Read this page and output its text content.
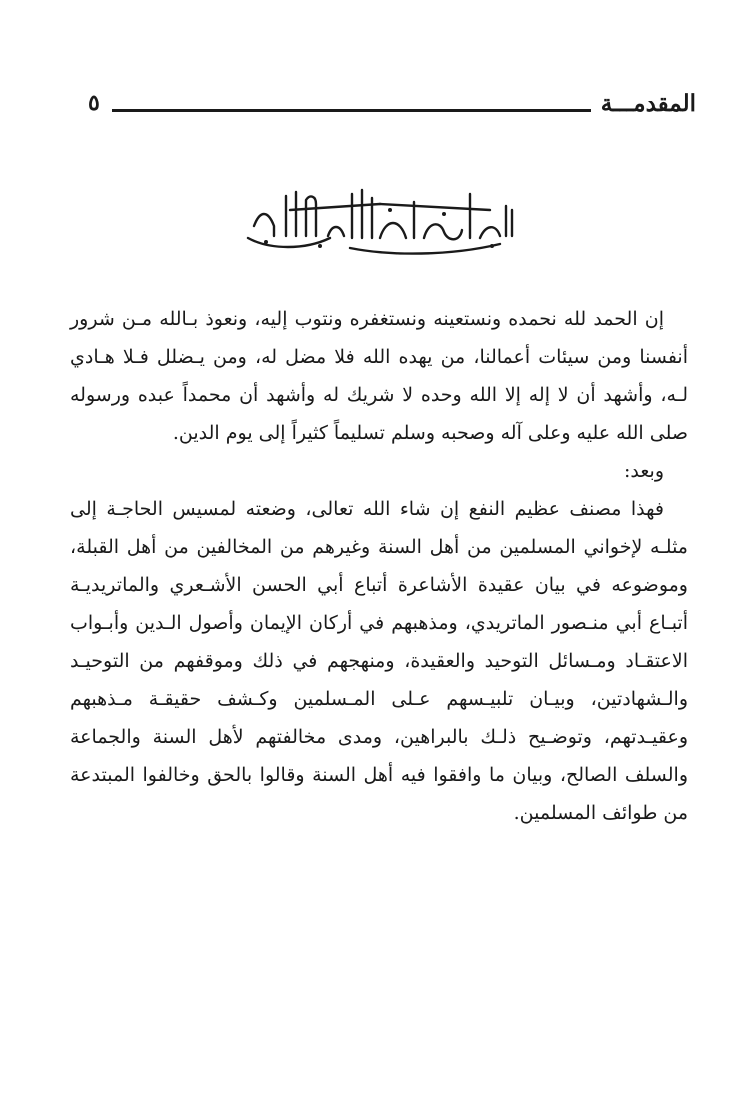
المقدمـــة
٥

إن الحمد لله نحمده ونستعينه ونستغفره ونتوب إليه، ونعوذ بـالله مـن شرور أنفسنا ومن سيئات أعمالنا، من يهده الله فلا مضل له، ومن يـضلل فـلا هـادي لـه، وأشهد أن لا إله إلا الله وحده لا شريك له وأشهد أن محمداً عبده ورسوله صلى الله عليه وعلى آله وصحبه وسلم تسليماً كثيراً إلى يوم الدين.

وبعد:

فهذا مصنف عظيم النفع إن شاء الله تعالى، وضعته لمسيس الحاجـة إلى مثلـه لإخواني المسلمين من أهل السنة وغيرهم من المخالفين من أهل القبلة، وموضوعه في بيان عقيدة الأشاعرة أتباع أبي الحسن الأشـعري والماتريديـة أتبـاع أبي منـصور الماتريدي، ومذهبهم في أركان الإيمان وأصول الـدين وأبـواب الاعتقـاد ومـسائل التوحيد والعقيدة، ومنهجهم في ذلك وموقفهم من التوحيـد والـشهادتين، وبيـان تلبيـسهم عـلى المـسلمين وكـشف حقيقـة مـذهبهم وعقيـدتهم، وتوضـيح ذلـك بالبراهين، ومدى مخالفتهم لأهل السنة والجماعة والسلف الصالح، وبيان ما وافقوا فيه أهل السنة وقالوا بالحق وخالفوا المبتدعة من طوائف المسلمين.
